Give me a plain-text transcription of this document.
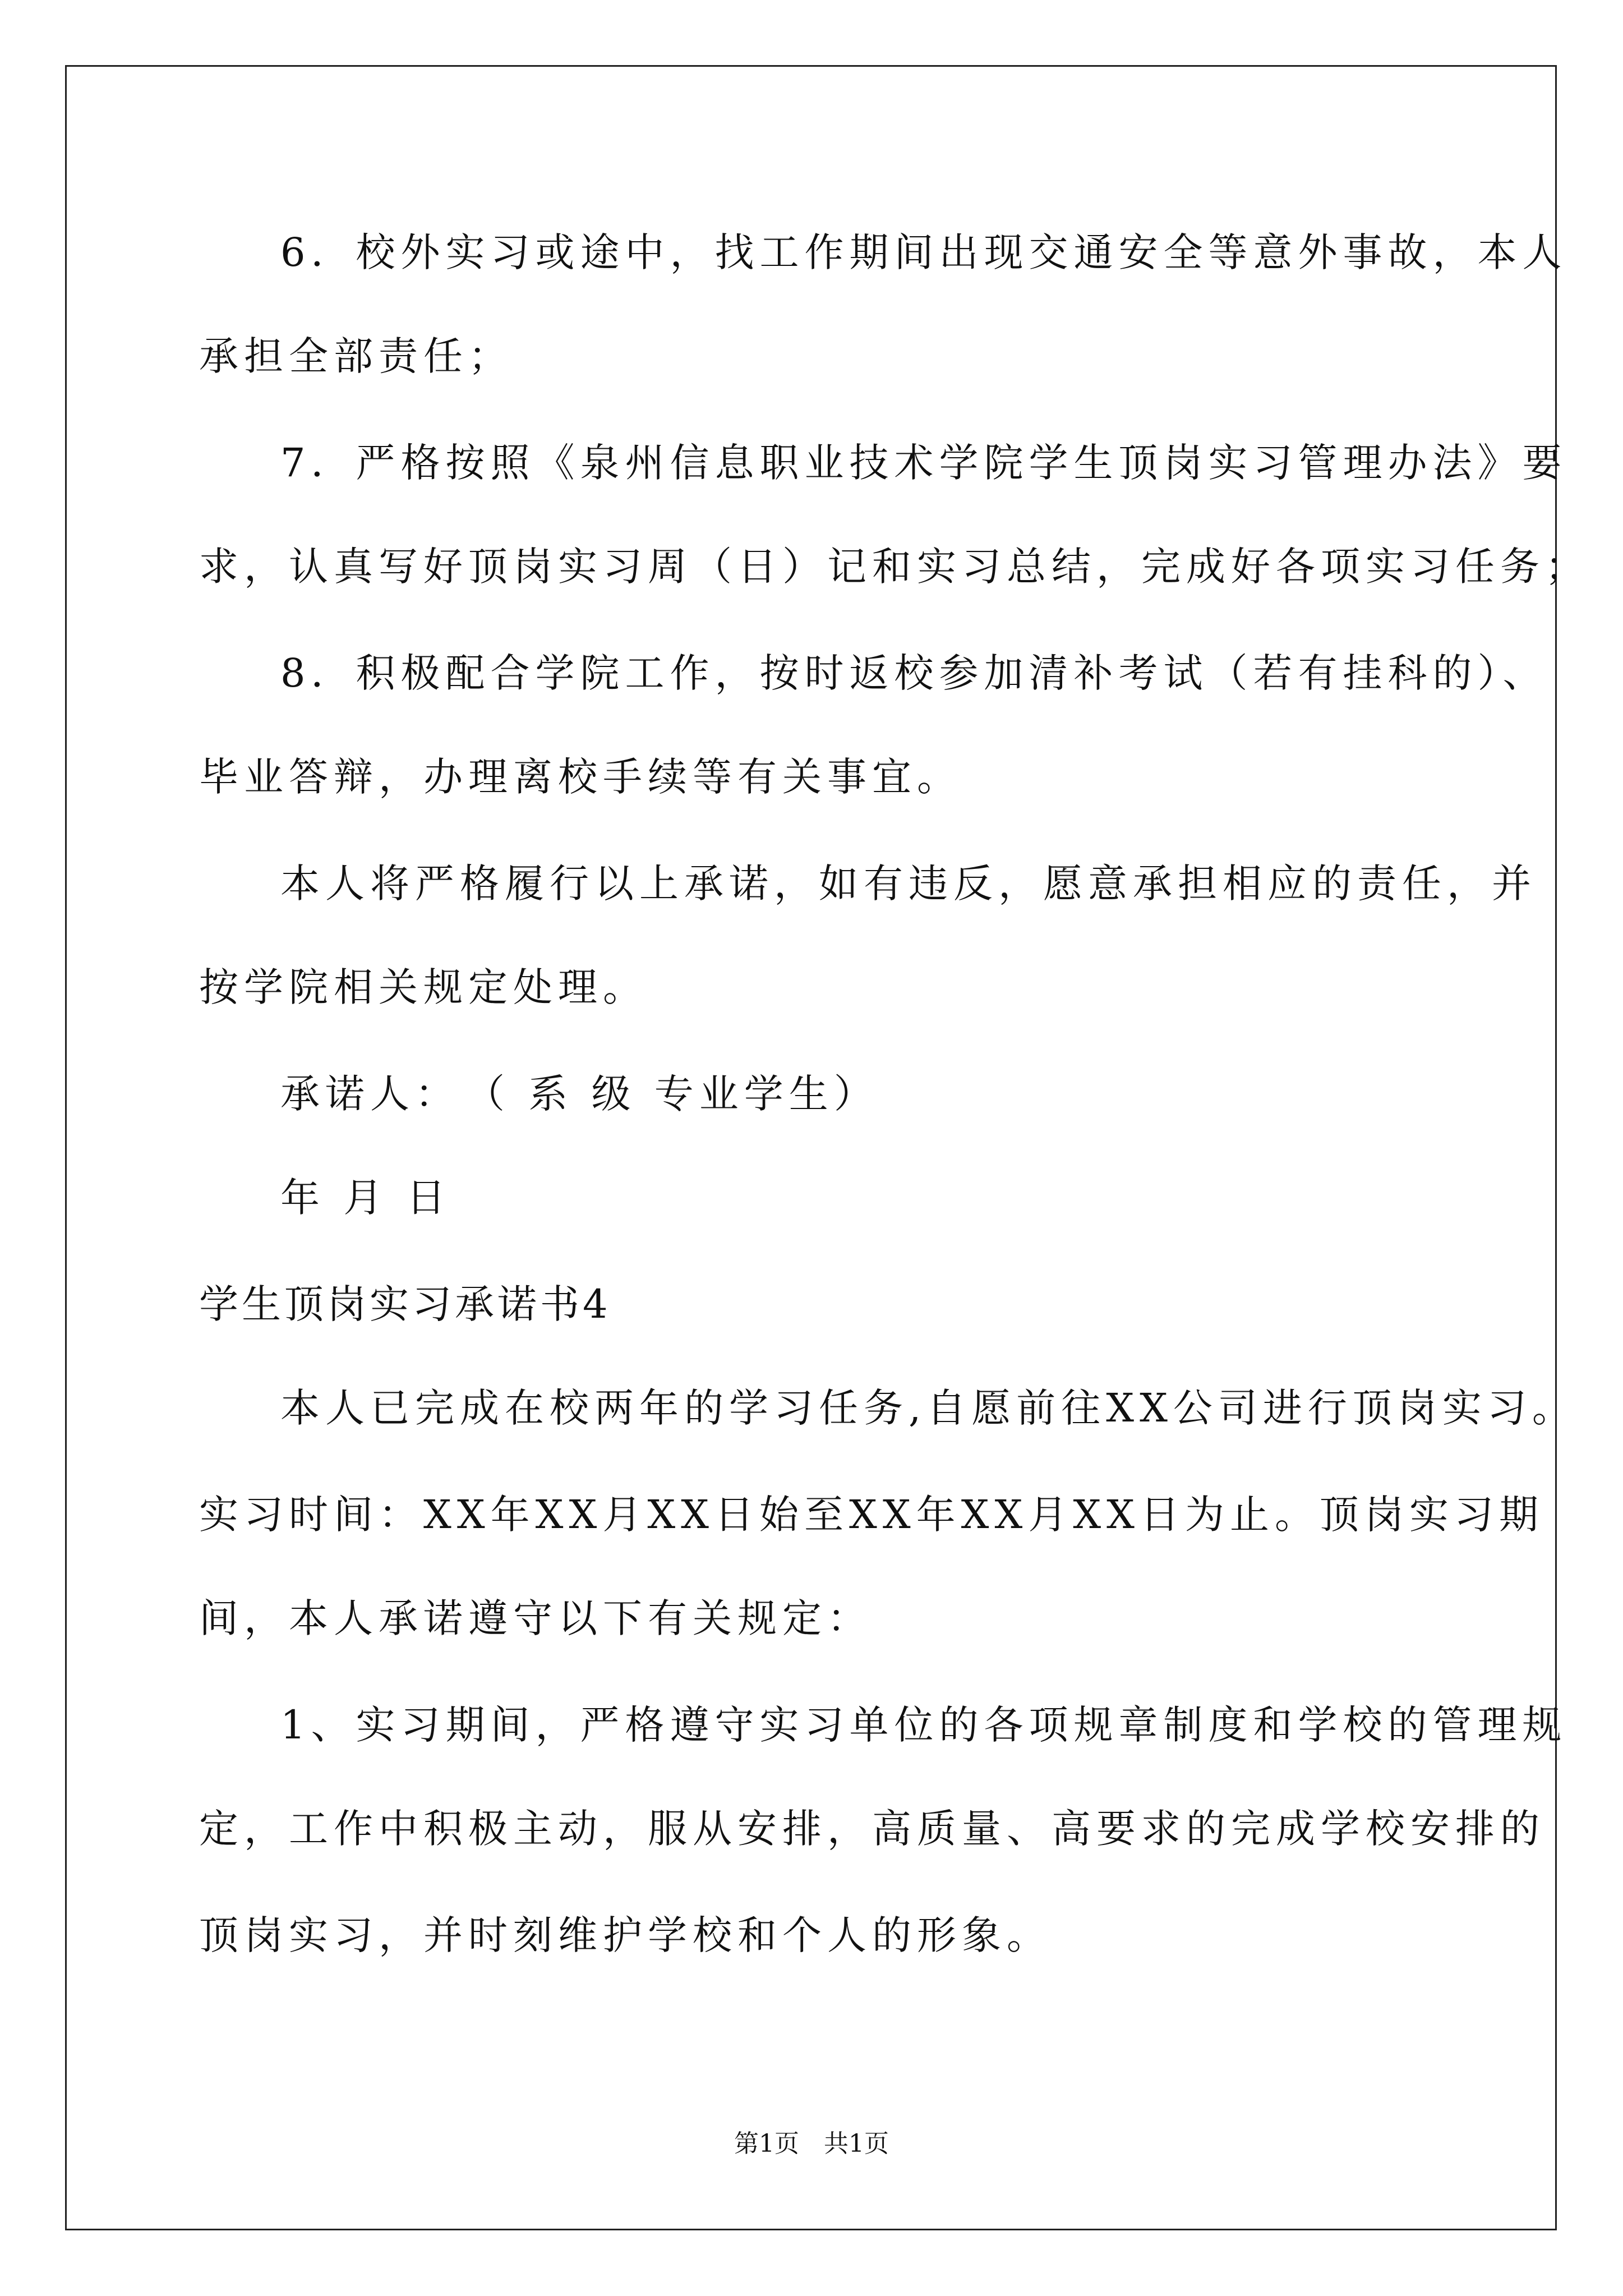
6．校外实习或途中，找工作期间出现交通安全等意外事故，本人
承担全部责任；
7．严格按照《泉州信息职业技术学院学生顶岗实习管理办法》要
求，认真写好顶岗实习周（日）记和实习总结，完成好各项实习任务；
8．积极配合学院工作，按时返校参加清补考试（若有挂科的）、
毕业答辩，办理离校手续等有关事宜。
本人将严格履行以上承诺，如有违反，愿意承担相应的责任，并
按学院相关规定处理。
承诺人：　（ 系 级 专业学生）
年 月 日
学生顶岗实习承诺书4
本人已完成在校两年的学习任务,自愿前往XX公司进行顶岗实习。
实习时间：XX年XX月XX日始至XX年XX月XX日为止。顶岗实习期
间，本人承诺遵守以下有关规定：
1、实习期间，严格遵守实习单位的各项规章制度和学校的管理规
定，工作中积极主动，服从安排，高质量、高要求的完成学校安排的
顶岗实习，并时刻维护学校和个人的形象。
第1页 共1页
